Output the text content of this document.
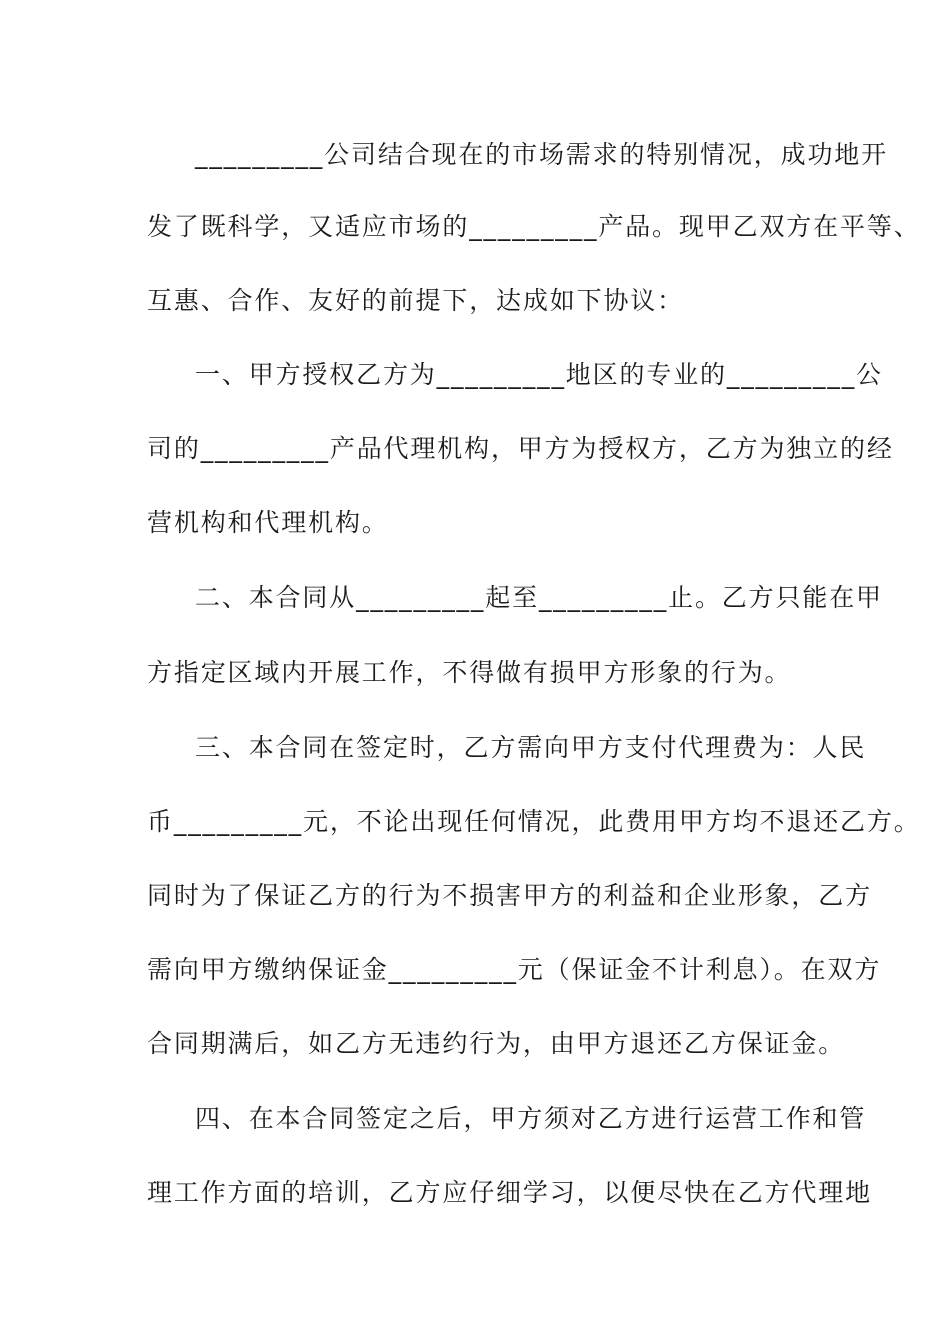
_________公司结合现在的市场需求的特别情况，成功地开
发了既科学，又适应市场的_________产品。现甲乙双方在平等、
互惠、合作、友好的前提下，达成如下协议：
一、甲方授权乙方为_________地区的专业的_________公
司的_________产品代理机构，甲方为授权方，乙方为独立的经
营机构和代理机构。
二、本合同从_________起至_________止。乙方只能在甲
方指定区域内开展工作，不得做有损甲方形象的行为。
三、本合同在签定时，乙方需向甲方支付代理费为：人民
币_________元，不论出现任何情况，此费用甲方均不退还乙方。
同时为了保证乙方的行为不损害甲方的利益和企业形象，乙方
需向甲方缴纳保证金_________元（保证金不计利息）。在双方
合同期满后，如乙方无违约行为，由甲方退还乙方保证金。
四、在本合同签定之后，甲方须对乙方进行运营工作和管
理工作方面的培训，乙方应仔细学习，以便尽快在乙方代理地
